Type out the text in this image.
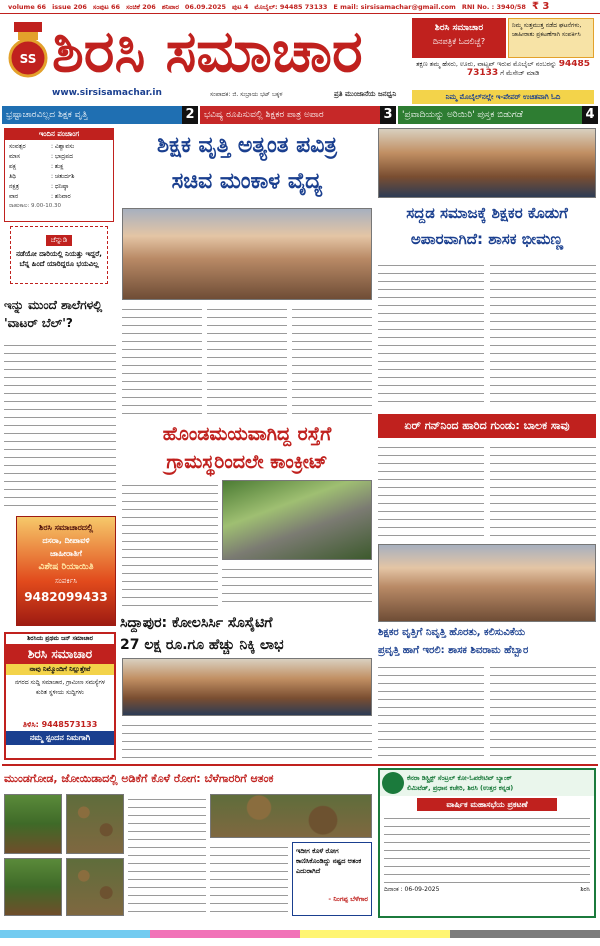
volume 66 issue 206 ಸಂಪುಟ 66 ಸಂಚಿಕೆ 206 ಶನಿವಾರ 06.09.2025 ಪುಟ 4 ಮೊಬೈಲ್: 94485 73133 E mail: sirsisamachar@gmail.com RNI No. : 3940/58 ₹ 3
SS ಶಿರಸಿ ಸಮಾಚಾರ
www.sirsisamachar.in	ಸಂಪಾದಕ: ಜಿ. ಸುಬ್ರಾಯ ಭಟ್ ಬಕ್ಕಳ	ಪ್ರತಿ ಮುಂಜಾನೆಯ ಜನಧ್ವನಿ
ಶಿರಸಿ ಸಮಾಚಾರ
ದಿನಪತ್ರಿಕೆ ಓದಲಿಚ್ಚೆ?
ನಿಮ್ಮ ಸುತ್ತಮುತ್ತ ನಡೆದ ಘಟನೆಗಳು, ಜಾಹೀರಾತು ಪ್ರಕಟಣೆಗಾಗಿ ಸಂಪರ್ಕಿಸಿ
ತಕ್ಷಣ ತಮ್ಮ ಹೆಸರು, ಊರು, ವಾಟ್ಸಪ್ ಇರುವ ಮೊಬೈಲ್ ನಂಬರನ್ನು 94485 73133 ಗೆ ಮೆಸೇಜ್ ಮಾಡಿ
ನಿಮ್ಮ ಮೊಬೈಲ್‌ನಲ್ಲೇ ಇ-ಪೇಪರ್ ಉಚಿತವಾಗಿ ಓದಿ
ಭ್ರಷ್ಟಾಚಾರವಿಲ್ಲದ ಶಿಕ್ಷಕ ವೃತ್ತಿ	2	ಭವಿಷ್ಯ ರೂಪಿಸುವಲ್ಲಿ ಶಿಕ್ಷಕರ ಪಾತ್ರ ಅಪಾರ	3	'ಪ್ರವಾದಿಯನ್ನು ಅರಿಯಿರಿ' ಪುಸ್ತಕ ಬಿಡುಗಡೆ	4
ಇಂದಿನ ಪಂಚಾಂಗ
ಸಂವತ್ಸರ	: ವಿಶ್ವಾವಸು
ಮಾಸ	: ಭಾದ್ರಪದ
ಪಕ್ಷ	: ಶುಕ್ಲ
ತಿಥಿ	: ಚತುರ್ದಶಿ
ನಕ್ಷತ್ರ	: ಧನಿಷ್ಠಾ
ವಾರ	: ಶನಿವಾರ
ರಾಹುಕಾಲ: 9.00-10.30
ಚೆನ್ನುಡಿ
ನಡೆಯೋ ದಾರಿಯಲ್ಲಿ ನಿಯತ್ತು ಇದ್ದರೆ, ಬೆನ್ನ ಹಿಂದೆ ಯಾರಿದ್ದರೂ ಭಯವಿಲ್ಲ
ಇನ್ನು ಮುಂದೆ ಶಾಲೆಗಳಲ್ಲಿ 'ವಾಟರ್ ಬೆಲ್'?
ಶಿರಸಿ ಸಮಾಚಾರದಲ್ಲಿ
ದಸರಾ, ದೀಪಾವಳಿ
ಜಾಹೀರಾತಿಗೆ
ವಿಶೇಷ ರಿಯಾಯಿತಿ
ಸಂಪರ್ಕಿಸಿ
9482099433
ಶಿರಸಿಯ ಪ್ರಥಮ ಜನ್ ಸಮಾಚಾರ
ಶಿರಸಿ ಸಮಾಚಾರ
ನಾವು ನಿಮ್ಮೊಂದಿಗೆ ನಿಲ್ಲುತ್ತೇವೆ
ನಗರದ ಸುದ್ದಿ ಸಮಾಚಾರ, ಗ್ರಾಮೀಣ ಸಮಸ್ಯೆಗಳ ಕುರಿತ ಸ್ಥಳೀಯ ಸುದ್ದಿಗಳು
ತಿಳಿಸಿ: 9448573133
ನಮ್ಮ ಸ್ಪಂದನ ನಿಮಗಾಗಿ
ಶಿಕ್ಷಕ ವೃತ್ತಿ ಅತ್ಯಂತ ಪವಿತ್ರ
ಸಚಿವ ಮಂಕಾಳ ವೈದ್ಯ
ಹೊಂಡಮಯವಾಗಿದ್ದ ರಸ್ತೆಗೆ
ಗ್ರಾಮಸ್ಥರಿಂದಲೇ ಕಾಂಕ್ರೀಟ್
ಸಿದ್ದಾಪುರ: ಕೋಲಸಿರ್ಸಿ ಸೊಸೈಟಿಗೆ
27 ಲಕ್ಷ ರೂ.ಗೂ ಹೆಚ್ಚು ನಿಕ್ಕಿ ಲಾಭ
ಸದ್ದಡ ಸಮಾಜಕ್ಕೆ ಶಿಕ್ಷಕರ ಕೊಡುಗೆ
ಅಪಾರವಾಗಿದೆ: ಶಾಸಕ ಭೀಮಣ್ಣ
ಏರ್ ಗನ್‌ನಿಂದ ಹಾರಿದ ಗುಂಡು: ಬಾಲಕ ಸಾವು
ಶಿಕ್ಷಕರ ವೃತ್ತಿಗೆ ನಿವೃತ್ತಿ ಹೊರತು, ಕಲಿಸುವಿಕೆಯ
ಪ್ರವೃತ್ತಿ ಹಾಗೆ ಇರಲಿ: ಶಾಸಕ ಶಿವರಾಮ ಹೆಬ್ಬಾರ
ಮುಂಡಗೋಡ, ಜೋಯಿಡಾದಲ್ಲಿ ಅಡಿಕೆಗೆ ಕೊಳೆ ರೋಗ: ಬೆಳೆಗಾರರಿಗೆ ಆತಂಕ
ಇದೀಗ ಕೊಳೆ ರೋಗ ಕಾಣಿಸಿಕೊಂಡಿದ್ದು ನಷ್ಟದ ಆತಂಕ ಎದುರಾಗಿದೆ
- ನಿಂಗಪ್ಪ ಬೆಳೆಗಾರ
ಕೆನರಾ ಡಿಸ್ಟ್ರಿಕ್ಟ್ ಸೆಂಟ್ರಲ್ ಕೋ-ಓಪರೇಟಿವ್ ಬ್ಯಾಂಕ್
ಲಿಮಿಟೆಡ್, ಪ್ರಧಾನ ಕಚೇರಿ, ಶಿರಸಿ (ಉತ್ತರ ಕನ್ನಡ)
ವಾರ್ಷಿಕ ಮಹಾಸಭೆಯ ಪ್ರಕಟಣೆ
ದಿನಾಂಕ : 06-09-2025	ಶಿರಸಿ
